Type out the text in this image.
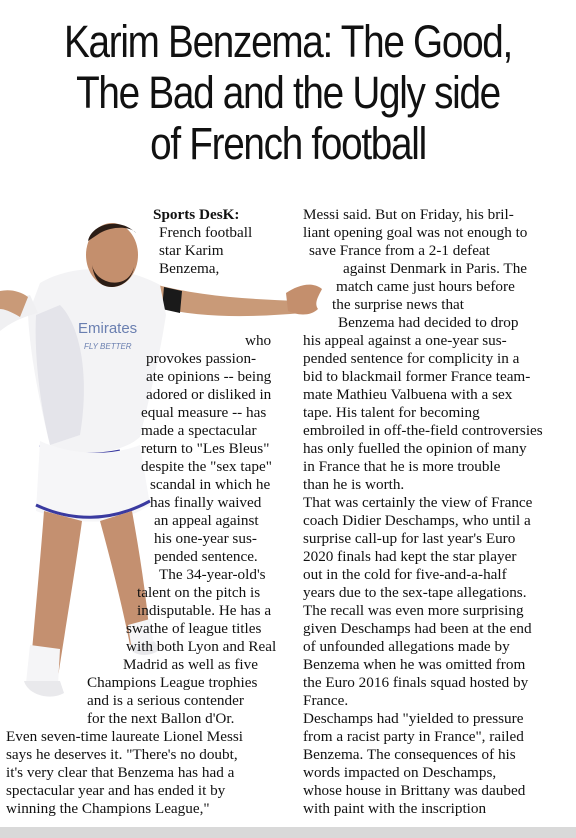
Karim Benzema: The Good,
The Bad and the Ugly side
of French football
Emirates
FLY BETTER
Sports DesK:
French football
star Karim
Benzema,
who
provokes passion-
ate opinions -- being
adored or disliked in
equal measure -- has
made a spectacular
return to "Les Bleus"
despite the "sex tape"
scandal in which he
has finally waived
an appeal against
his one-year sus-
pended sentence.
The 34-year-old's
talent on the pitch is
indisputable. He has a
swathe of league titles
with both Lyon and Real
Madrid as well as five
Champions League trophies
and is a serious contender
for the next Ballon d'Or.
Even seven-time laureate Lionel Messi
says he deserves it. "There's no doubt,
it's very clear that Benzema has had a
spectacular year and has ended it by
winning the Champions League,"
Messi said. But on Friday, his bril-
liant opening goal was not enough to
save France from a 2-1 defeat
against Denmark in Paris. The
match came just hours before
the surprise news that
Benzema had decided to drop
his appeal against a one-year sus-
pended sentence for complicity in a
bid to blackmail former France team-
mate Mathieu Valbuena with a sex
tape. His talent for becoming
embroiled in off-the-field controversies
has only fuelled the opinion of many
in France that he is more trouble
than he is worth.
That was certainly the view of France
coach Didier Deschamps, who until a
surprise call-up for last year's Euro
2020 finals had kept the star player
out in the cold for five-and-a-half
years due to the sex-tape allegations.
The recall was even more surprising
given Deschamps had been at the end
of unfounded allegations made by
Benzema when he was omitted from
the Euro 2016 finals squad hosted by
France.
Deschamps had "yielded to pressure
from a racist party in France", railed
Benzema. The consequences of his
words impacted on Deschamps,
whose house in Brittany was daubed
with paint with the inscription
